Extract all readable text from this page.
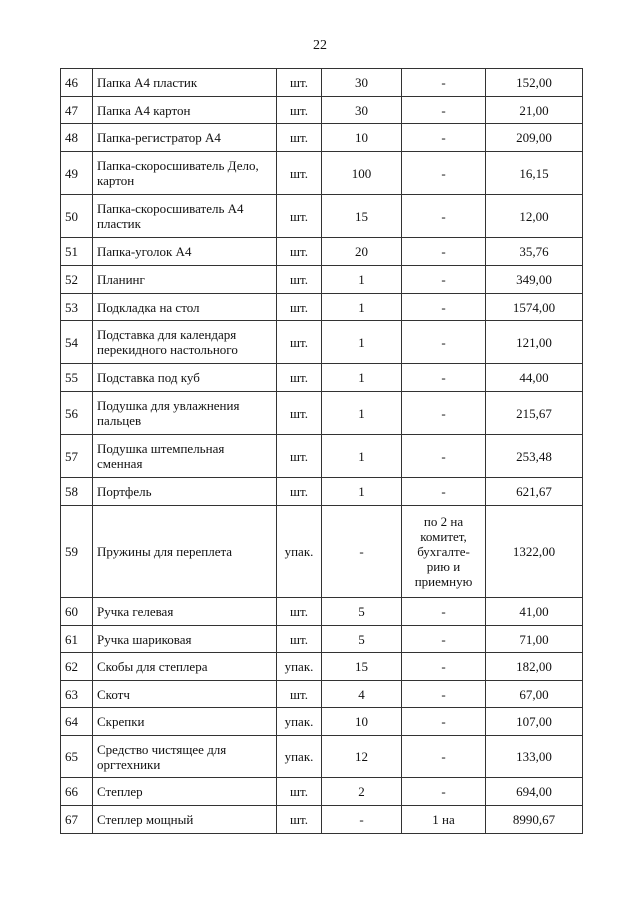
22
46	Папка А4 пластик	шт.	30	-	152,00
47	Папка А4 картон	шт.	30	-	21,00
48	Папка-регистратор А4	шт.	10	-	209,00
49	Папка-скоросшиватель Дело, картон	шт.	100	-	16,15
50	Папка-скоросшиватель А4 пластик	шт.	15	-	12,00
51	Папка-уголок А4	шт.	20	-	35,76
52	Планинг	шт.	1	-	349,00
53	Подкладка на стол	шт.	1	-	1574,00
54	Подставка для календаря перекидного настольного	шт.	1	-	121,00
55	Подставка под куб	шт.	1	-	44,00
56	Подушка для увлажнения пальцев	шт.	1	-	215,67
57	Подушка штемпельная сменная	шт.	1	-	253,48
58	Портфель	шт.	1	-	621,67
59	Пружины для переплета	упак.	-	по 2 на комитет, бухгалте-рию и приемную	1322,00
60	Ручка гелевая	шт.	5	-	41,00
61	Ручка шариковая	шт.	5	-	71,00
62	Скобы для степлера	упак.	15	-	182,00
63	Скотч	шт.	4	-	67,00
64	Скрепки	упак.	10	-	107,00
65	Средство чистящее для оргтехники	упак.	12	-	133,00
66	Степлер	шт.	2	-	694,00
67	Степлер мощный	шт.	-	1 на	8990,67
